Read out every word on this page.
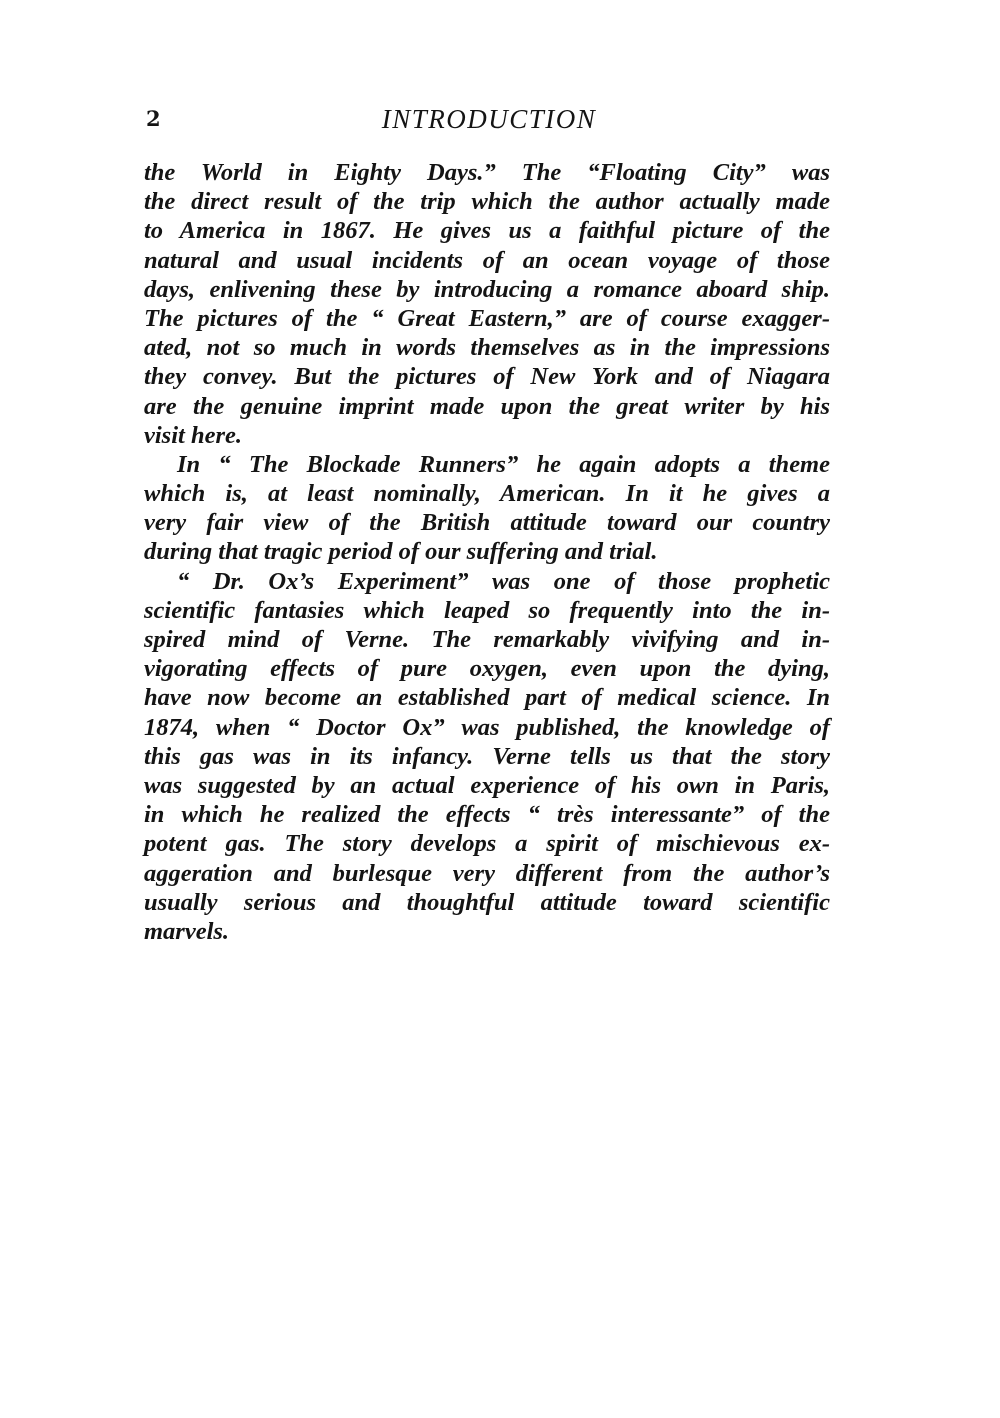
2	INTRODUCTION
the World in Eighty Days.” The “Floating City” was
the direct result of the trip which the author actually made
to America in 1867. He gives us a faithful picture of the
natural and usual incidents of an ocean voyage of those
days, enlivening these by introducing a romance aboard ship.
The pictures of the “ Great Eastern,” are of course exagger-
ated, not so much in words themselves as in the impressions
they convey. But the pictures of New York and of Niagara
are the genuine imprint made upon the great writer by his
visit here.
In “ The Blockade Runners” he again adopts a theme
which is, at least nominally, American. In it he gives a
very fair view of the British attitude toward our country
during that tragic period of our suffering and trial.
“ Dr. Ox’s Experiment” was one of those prophetic
scientific fantasies which leaped so frequently into the in-
spired mind of Verne. The remarkably vivifying and in-
vigorating effects of pure oxygen, even upon the dying,
have now become an established part of medical science. In
1874, when “ Doctor Ox” was published, the knowledge of
this gas was in its infancy. Verne tells us that the story
was suggested by an actual experience of his own in Paris,
in which he realized the effects “ très interessante” of the
potent gas. The story develops a spirit of mischievous ex-
aggeration and burlesque very different from the author’s
usually serious and thoughtful attitude toward scientific
marvels.
